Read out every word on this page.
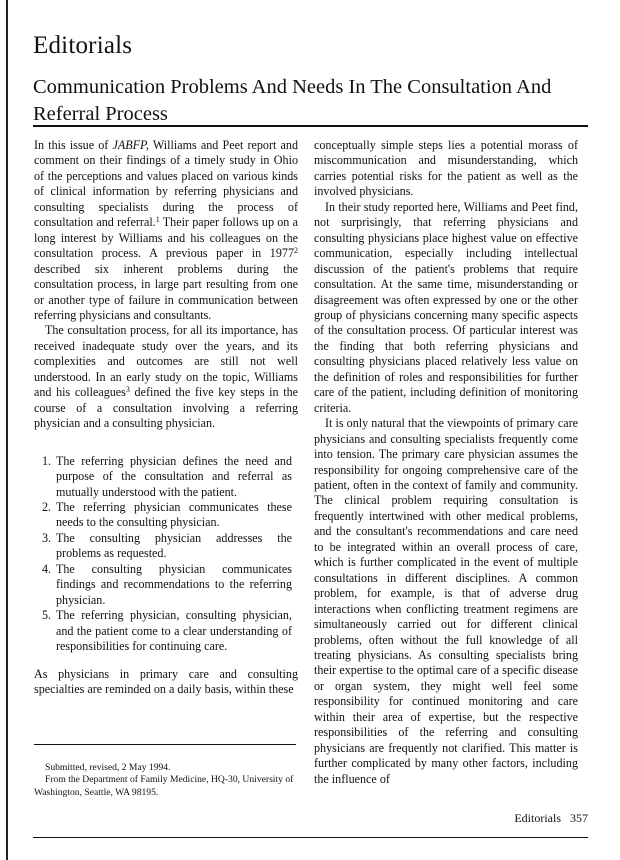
Editorials
Communication Problems And Needs In The Consultation And Referral Process

In this issue of JABFP, Williams and Peet report and comment on their findings of a timely study in Ohio of the perceptions and values placed on various kinds of clinical information by referring physicians and consulting specialists during the process of consultation and referral.$^1$ Their paper follows up on a long interest by Williams and his colleagues on the consultation process. A previous paper in 1977$^2$ described six inherent problems during the consultation process, in large part resulting from one or another type of failure in communication between referring physicians and consultants.

The consultation process, for all its importance, has received inadequate study over the years, and its complexities and outcomes are still not well understood. In an early study on the topic, Williams and his colleagues$^3$ defined the five key steps in the course of a consultation involving a referring physician and a consulting physician.

1. The referring physician defines the need and purpose of the consultation and referral as mutually understood with the patient.
2. The referring physician communicates these needs to the consulting physician.
3. The consulting physician addresses the problems as requested.
4. The consulting physician communicates findings and recommendations to the referring physician.
5. The referring physician, consulting physician, and the patient come to a clear understanding of responsibilities for continuing care.

As physicians in primary care and consulting specialties are reminded on a daily basis, within these

conceptually simple steps lies a potential morass of miscommunication and misunderstanding, which carries potential risks for the patient as well as the involved physicians.

In their study reported here, Williams and Peet find, not surprisingly, that referring physicians and consulting physicians place highest value on effective communication, especially including intellectual discussion of the patient's problems that require consultation. At the same time, misunderstanding or disagreement was often expressed by one or the other group of physicians concerning many specific aspects of the consultation process. Of particular interest was the finding that both referring physicians and consulting physicians placed relatively less value on the definition of roles and responsibilities for further care of the patient, including definition of monitoring criteria.

It is only natural that the viewpoints of primary care physicians and consulting specialists frequently come into tension. The primary care physician assumes the responsibility for ongoing comprehensive care of the patient, often in the context of family and community. The clinical problem requiring consultation is frequently intertwined with other medical problems, and the consultant's recommendations and care need to be integrated within an overall process of care, which is further complicated in the event of multiple consultations in different disciplines. A common problem, for example, is that of adverse drug interactions when conflicting treatment regimens are simultaneously carried out for different clinical problems, often without the full knowledge of all treating physicians. As consulting specialists bring their expertise to the optimal care of a specific disease or organ system, they might well feel some responsibility for continued monitoring and care within their area of expertise, but the respective responsibilities of the referring and consulting physicians are frequently not clarified. This matter is further complicated by many other factors, including the influence of

Submitted, revised, 2 May 1994.

From the Department of Family Medicine, HQ-30, University of Washington, Seattle, WA 98195.

Editorials 357
